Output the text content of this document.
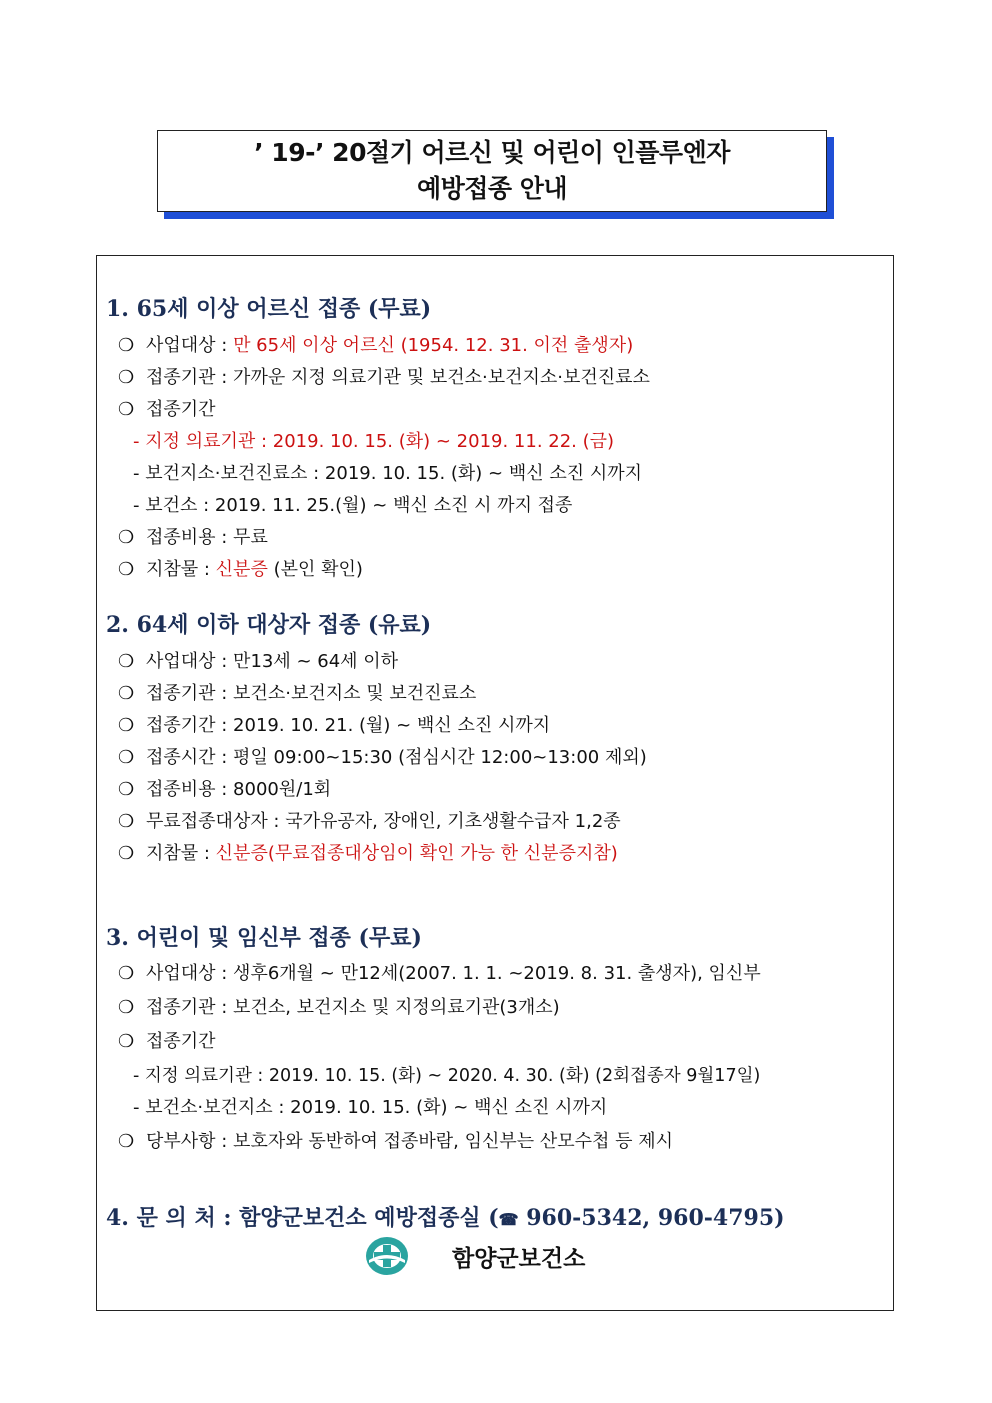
’ 19-’ 20절기 어르신 및 어린이 인플루엔자
예방접종 안내
1. 65세 이상 어르신 접종 (무료)
❍ 사업대상 : 만 65세 이상 어르신 (1954. 12. 31. 이전 출생자)
❍ 접종기관 : 가까운 지정 의료기관 및 보건소·보건지소·보건진료소
❍ 접종기간
- 지정 의료기관 : 2019. 10. 15. (화) ~ 2019. 11. 22. (금)
- 보건지소·보건진료소 : 2019. 10. 15. (화) ~ 백신 소진 시까지
- 보건소 : 2019. 11. 25.(월) ~ 백신 소진 시 까지 접종
❍ 접종비용 : 무료
❍ 지참물 : 신분증 (본인 확인)
2. 64세 이하 대상자 접종 (유료)
❍ 사업대상 : 만13세 ~ 64세 이하
❍ 접종기관 : 보건소·보건지소 및 보건진료소
❍ 접종기간 : 2019. 10. 21. (월) ~ 백신 소진 시까지
❍ 접종시간 : 평일 09:00~15:30 (점심시간 12:00~13:00 제외)
❍ 접종비용 : 8000원/1회
❍ 무료접종대상자 : 국가유공자, 장애인, 기초생활수급자 1,2종
❍ 지참물 : 신분증(무료접종대상임이 확인 가능 한 신분증지참)
3. 어린이 및 임신부 접종 (무료)
❍ 사업대상 : 생후6개월 ~ 만12세(2007. 1. 1. ~2019. 8. 31. 출생자), 임신부
❍ 접종기관 : 보건소, 보건지소 및 지정의료기관(3개소)
❍ 접종기간
- 지정 의료기관 : 2019. 10. 15. (화) ~ 2020. 4. 30. (화) (2회접종자 9월17일)
- 보건소·보건지소 : 2019. 10. 15. (화) ~ 백신 소진 시까지
❍ 당부사항 : 보호자와 동반하여 접종바람, 임신부는 산모수첩 등 제시
4. 문 의 처 : 함양군보건소 예방접종실 (☎ 960-5342, 960-4795)
함양군보건소
